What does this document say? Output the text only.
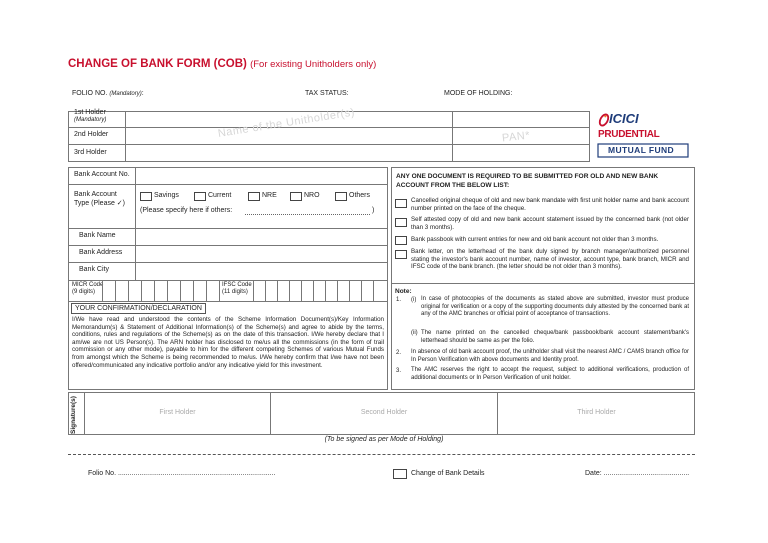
CHANGE OF BANK FORM (COB) (For existing Unitholders only)
FOLIO NO. (Mandatory):	TAX STATUS:	MODE OF HOLDING:
1st Holder
(Mandatory)
2nd Holder
3rd Holder
Name of the Unitholder(s)	PAN*
ICICI
PRUDENTIAL
MUTUAL FUND
Bank Account No.
Bank Account
Type (Please ✓)
Savings	Current	NRE	NRO	Others
(Please specify here if others:	)
Bank Name
Bank Address
Bank City
MICR Code
(9 digits)
IFSC Code
(11 digits)
YOUR CONFIRMATION/DECLARATION
I/We have read and understood the contents of the Scheme Information Document(s)/Key Information Memorandum(s) & Statement of Additional Information(s) of the Scheme(s) and agree to abide by the terms, conditions, rules and regulations of the Scheme(s) as on the date of this transaction. I/We hereby declare that I am/we are not US Person(s). The ARN holder has disclosed to me/us all the commissions (in the form of trail commission or any other mode), payable to him for the different competing Schemes of various Mutual Funds from amongst which the Scheme is being recommended to me/us. I/We hereby confirm that I/we have not been offered/communicated any indicative portfolio and/or any indicative yield for this investment.
ANY ONE DOCUMENT IS REQUIRED TO BE SUBMITTED FOR OLD AND NEW BANK ACCOUNT FROM THE BELOW LIST:
Cancelled original cheque of old and new bank mandate with first unit holder name and bank account number printed on the face of the cheque.
Self attested copy of old and new bank account statement issued by the concerned bank (not older than 3 months).
Bank passbook with current entries for new and old bank account not older than 3 months.
Bank letter, on the letterhead of the bank duly signed by branch manager/authorized personnel stating the investor's bank account number, name of investor, account type, bank branch, MICR and IFSC code of the bank branch. (the letter should be not older than 3 months).
Note:
1. (i) In case of photocopies of the documents as stated above are submitted, investor must produce original for verification or a copy of the supporting documents duly attested by the concerned bank at any of the AMC branches or official point of acceptance of transactions.
(ii) The name printed on the cancelled cheque/bank passbook/bank account statement/bank's letterhead should be same as per the folio.
2. In absence of old bank account proof, the unitholder shall visit the nearest AMC / CAMS branch office for In Person Verification with above documents and Identity proof.
3. The AMC reserves the right to accept the request, subject to additional verifications, production of additional documents or In Person Verification of unit holder.
Signature(s)	First Holder	Second Holder	Third Holder
(To be signed as per Mode of Holding)
Folio No. .................................................................................	Change of Bank Details	Date: ............................................
